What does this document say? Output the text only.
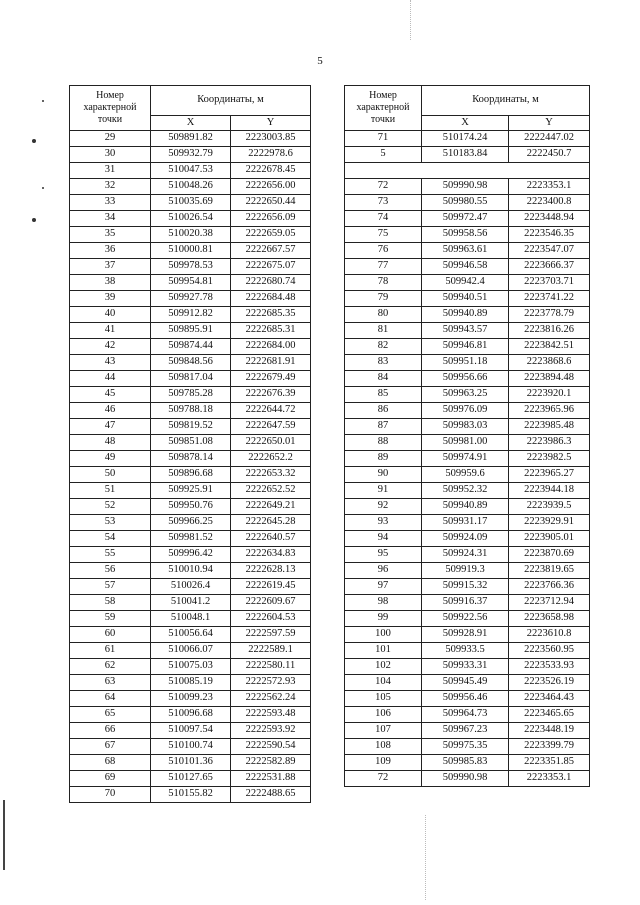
5
Номер
характерной
точки	Координаты, м	
	X	Y
29	509891.82	2223003.85
30	509932.79	2222978.6
31	510047.53	2222678.45
32	510048.26	2222656.00
33	510035.69	2222650.44
34	510026.54	2222656.09
35	510020.38	2222659.05
36	510000.81	2222667.57
37	509978.53	2222675.07
38	509954.81	2222680.74
39	509927.78	2222684.48
40	509912.82	2222685.35
41	509895.91	2222685.31
42	509874.44	2222684.00
43	509848.56	2222681.91
44	509817.04	2222679.49
45	509785.28	2222676.39
46	509788.18	2222644.72
47	509819.52	2222647.59
48	509851.08	2222650.01
49	509878.14	2222652.2
50	509896.68	2222653.32
51	509925.91	2222652.52
52	509950.76	2222649.21
53	509966.25	2222645.28
54	509981.52	2222640.57
55	509996.42	2222634.83
56	510010.94	2222628.13
57	510026.4	2222619.45
58	510041.2	2222609.67
59	510048.1	2222604.53
60	510056.64	2222597.59
61	510066.07	2222589.1
62	510075.03	2222580.11
63	510085.19	2222572.93
64	510099.23	2222562.24
65	510096.68	2222593.48
66	510097.54	2222593.92
67	510100.74	2222590.54
68	510101.36	2222582.89
69	510127.65	2222531.88
70	510155.82	2222488.65
Номер
характерной
точки	Координаты, м	
	X	Y
71	510174.24	2222447.02
5	510183.84	2222450.7

72	509990.98	2223353.1
73	509980.55	2223400.8
74	509972.47	2223448.94
75	509958.56	2223546.35
76	509963.61	2223547.07
77	509946.58	2223666.37
78	509942.4	2223703.71
79	509940.51	2223741.22
80	509940.89	2223778.79
81	509943.57	2223816.26
82	509946.81	2223842.51
83	509951.18	2223868.6
84	509956.66	2223894.48
85	509963.25	2223920.1
86	509976.09	2223965.96
87	509983.03	2223985.48
88	509981.00	2223986.3
89	509974.91	2223982.5
90	509959.6	2223965.27
91	509952.32	2223944.18
92	509940.89	2223939.5
93	509931.17	2223929.91
94	509924.09	2223905.01
95	509924.31	2223870.69
96	509919.3	2223819.65
97	509915.32	2223766.36
98	509916.37	2223712.94
99	509922.56	2223658.98
100	509928.91	2223610.8
101	509933.5	2223560.95
102	509933.31	2223533.93
104	509945.49	2223526.19
105	509956.46	2223464.43
106	509964.73	2223465.65
107	509967.23	2223448.19
108	509975.35	2223399.79
109	509985.83	2223351.85
72	509990.98	2223353.1
